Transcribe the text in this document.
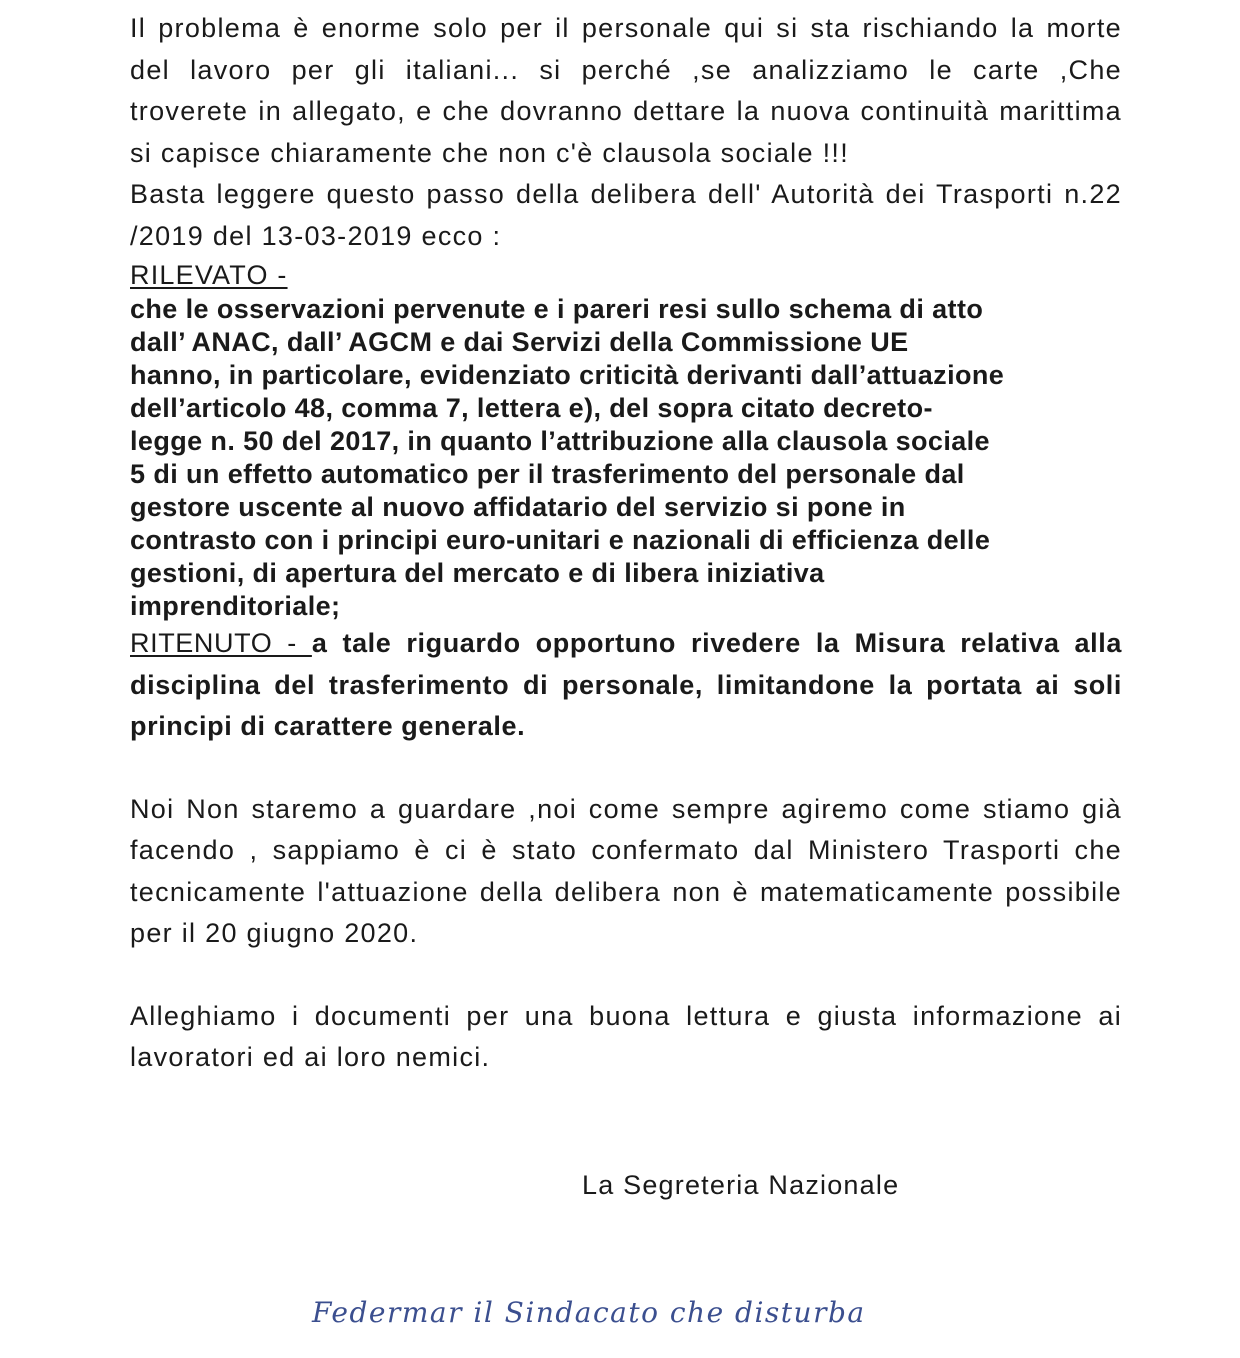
Il problema è enorme solo per il personale qui si sta rischiando la morte del lavoro per gli italiani... si perché ,se analizziamo le carte ,Che troverete in allegato, e che dovranno dettare la nuova continuità marittima si capisce chiaramente che non c'è clausola sociale !!!

Basta leggere questo passo della delibera dell' Autorità dei Trasporti n.22 /2019 del 13-03-2019 ecco :

RILEVATO -

che le osservazioni pervenute e i pareri resi sullo schema di atto
dall’ ANAC, dall’ AGCM e dai Servizi della Commissione UE
hanno, in particolare, evidenziato criticità derivanti dall’attuazione
dell’articolo 48, comma 7, lettera e), del sopra citato decreto-
legge n. 50 del 2017, in quanto l’attribuzione alla clausola sociale
5 di un effetto automatico per il trasferimento del personale dal
gestore uscente al nuovo affidatario del servizio si pone in
contrasto con i principi euro-unitari e nazionali di efficienza delle
gestioni, di apertura del mercato e di libera iniziativa
imprenditoriale;

RITENUTO - a tale riguardo opportuno rivedere la Misura relativa alla disciplina del trasferimento di personale, limitandone la portata ai soli principi di carattere generale.

Noi Non staremo a guardare ,noi come sempre agiremo come stiamo già facendo , sappiamo è ci è stato confermato dal Ministero Trasporti che tecnicamente l'attuazione della delibera non è matematicamente possibile per il 20 giugno 2020.

Alleghiamo i documenti per una buona lettura e giusta informazione ai lavoratori ed ai loro nemici.

La Segreteria Nazionale

Federmar il Sindacato che disturba
